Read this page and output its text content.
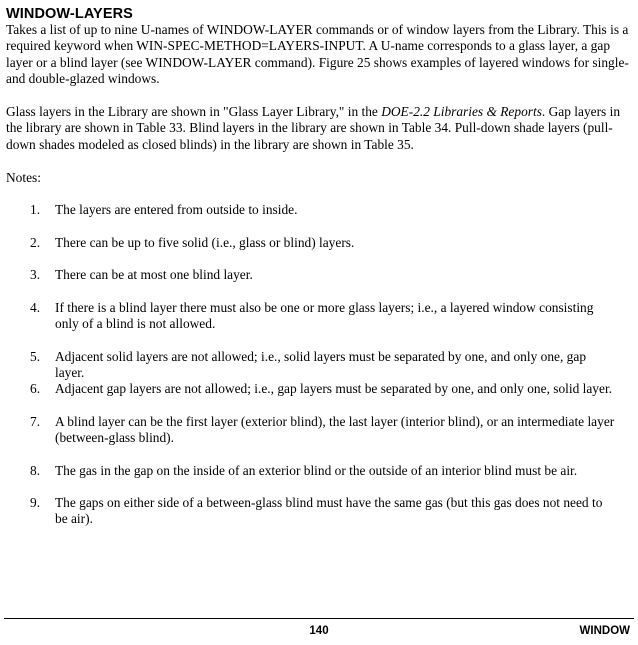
WINDOW-LAYERS
Takes a list of up to nine U-names of WINDOW-LAYER commands or of window layers from the Library. This is a required keyword when WIN-SPEC-METHOD=LAYERS-INPUT. A U-name corresponds to a glass layer, a gap layer or a blind layer (see WINDOW-LAYER command). Figure 25 shows examples of layered windows for single- and double-glazed windows.
Glass layers in the Library are shown in "Glass Layer Library," in the DOE-2.2 Libraries & Reports. Gap layers in the library are shown in Table 33. Blind layers in the library are shown in Table 34. Pull-down shade layers (pull-down shades modeled as closed blinds) in the library are shown in Table 35.
Notes:
1.	The layers are entered from outside to inside.
2.	There can be up to five solid (i.e., glass or blind) layers.
3.	There can be at most one blind layer.
4.	If there is a blind layer there must also be one or more glass layers; i.e., a layered window consisting only of a blind is not allowed.
5.	Adjacent solid layers are not allowed; i.e., solid layers must be separated by one, and only one, gap layer.
6.	Adjacent gap layers are not allowed; i.e., gap layers must be separated by one, and only one, solid layer.
7.	A blind layer can be the first layer (exterior blind), the last layer (interior blind), or an intermediate layer (between-glass blind).
8.	The gas in the gap on the inside of an exterior blind or the outside of an interior blind must be air.
9.	The gaps on either side of a between-glass blind must have the same gas (but this gas does not need to be air).
140	WINDOW
